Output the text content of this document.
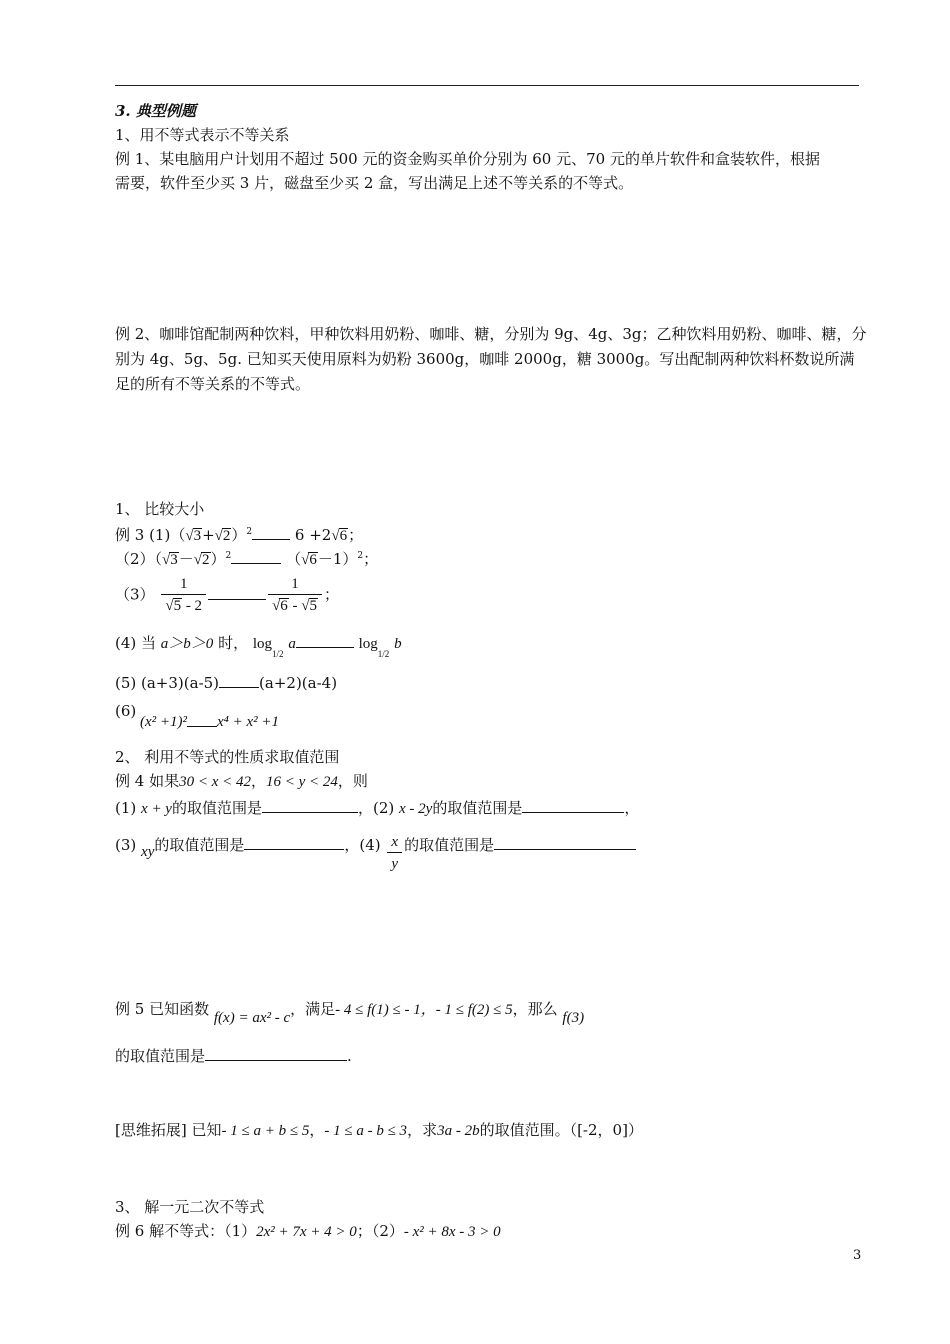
3. 典型例题
1、用不等式表示不等关系
例 1、某电脑用户计划用不超过 500 元的资金购买单价分别为 60 元、70 元的单片软件和盒装软件，根据
需要，软件至少买 3 片，磁盘至少买 2 盒，写出满足上述不等关系的不等式。
例 2、咖啡馆配制两种饮料，甲种饮料用奶粉、咖啡、糖，分别为 9g、4g、3g；乙种饮料用奶粉、咖啡、糖，分
别为 4g、5g、5g. 已知买天使用原料为奶粉 3600g，咖啡 2000g，糖 3000g。写出配制两种饮料杯数说所满
足的所有不等关系的不等式。
1、 比较大小
例 3 $(1)(√3+√2)^2$	6 +2√6；
$(2)(√3-√2)^2$	$(√6-1)^2$；
$(3) \frac{1}{√5 - 2}$	$\frac{1}{√6 - √5}$ ；
(4) 当 a＞b＞0 时， $\log_{1/2} a$	$\log_{1/2} b$
(5) (a+3)(a-5)	(a+2)(a-4)
(6)
(x² +1)² x⁴ + x² +1
2、 利用不等式的性质求取值范围
例 4 如果30 < x < 42，16 < y < 24，则
(1) x + y的取值范围是	，(2) x - 2y的取值范围是	，
(3) xy的取值范围是	，$(4) \frac{x}{y}$ 的取值范围是
例 5 已知函数 f(x) = ax² - c，满足- 4 ≤ f(1) ≤ - 1，- 1 ≤ f(2) ≤ 5，那么 f(3)
的取值范围是	.
[思维拓展] 已知- 1 ≤ a + b ≤ 5，- 1 ≤ a - b ≤ 3，求3a - 2b的取值范围。（[-2，0]）
3、 解一元二次不等式
例 6 解不等式：（1）2x² + 7x + 4 > 0；（2）- x² + 8x - 3 > 0
3
